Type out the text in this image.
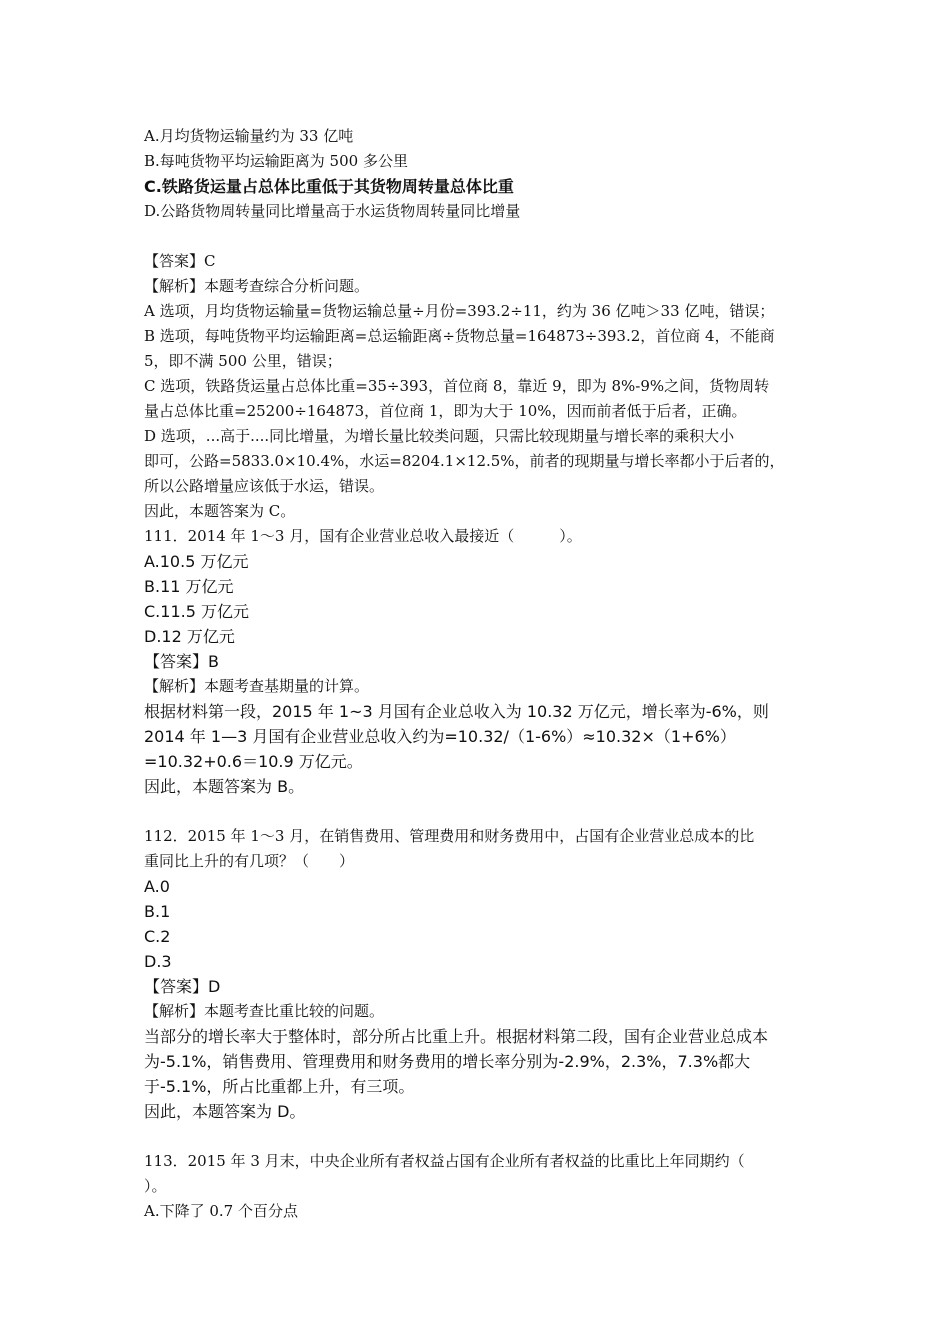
A.月均货物运输量约为 33 亿吨
B.每吨货物平均运输距离为 500 多公里
C.铁路货运量占总体比重低于其货物周转量总体比重
D.公路货物周转量同比增量高于水运货物周转量同比增量
【答案】C
【解析】本题考查综合分析问题。
A 选项，月均货物运输量=货物运输总量÷月份=393.2÷11，约为 36 亿吨＞33 亿吨，错误；
B 选项，每吨货物平均运输距离=总运输距离÷货物总量=164873÷393.2，首位商 4，不能商
5，即不满 500 公里，错误；
C 选项，铁路货运量占总体比重=35÷393，首位商 8，靠近 9，即为 8%-9%之间，货物周转
量占总体比重=25200÷164873，首位商 1，即为大于 10%，因而前者低于后者，正确。
D 选项，...高于....同比增量，为增长量比较类问题，只需比较现期量与增长率的乘积大小
即可，公路=5833.0×10.4%，水运=8204.1×12.5%，前者的现期量与增长率都小于后者的，
所以公路增量应该低于水运，错误。
因此，本题答案为 C。
111．2014 年 1～3 月，国有企业营业总收入最接近（　　　）。
A.10.5 万亿元
B.11 万亿元
C.11.5 万亿元
D.12 万亿元
【答案】B
【解析】本题考查基期量的计算。
根据材料第一段，2015 年 1~3 月国有企业总收入为 10.32 万亿元，增长率为-6%，则
2014 年 1—3 月国有企业营业总收入约为=10.32/（1-6%）≈10.32×（1+6%）
=10.32+0.6＝10.9 万亿元。
因此，本题答案为 B。
112．2015 年 1～3 月，在销售费用、管理费用和财务费用中，占国有企业营业总成本的比
重同比上升的有几项？（　　）
A.0
B.1
C.2
D.3
【答案】D
【解析】本题考查比重比较的问题。
当部分的增长率大于整体时，部分所占比重上升。根据材料第二段，国有企业营业总成本
为-5.1%，销售费用、管理费用和财务费用的增长率分别为-2.9%，2.3%，7.3%都大
于-5.1%，所占比重都上升，有三项。
因此，本题答案为 D。
113．2015 年 3 月末，中央企业所有者权益占国有企业所有者权益的比重比上年同期约（
）。
A.下降了 0.7 个百分点
